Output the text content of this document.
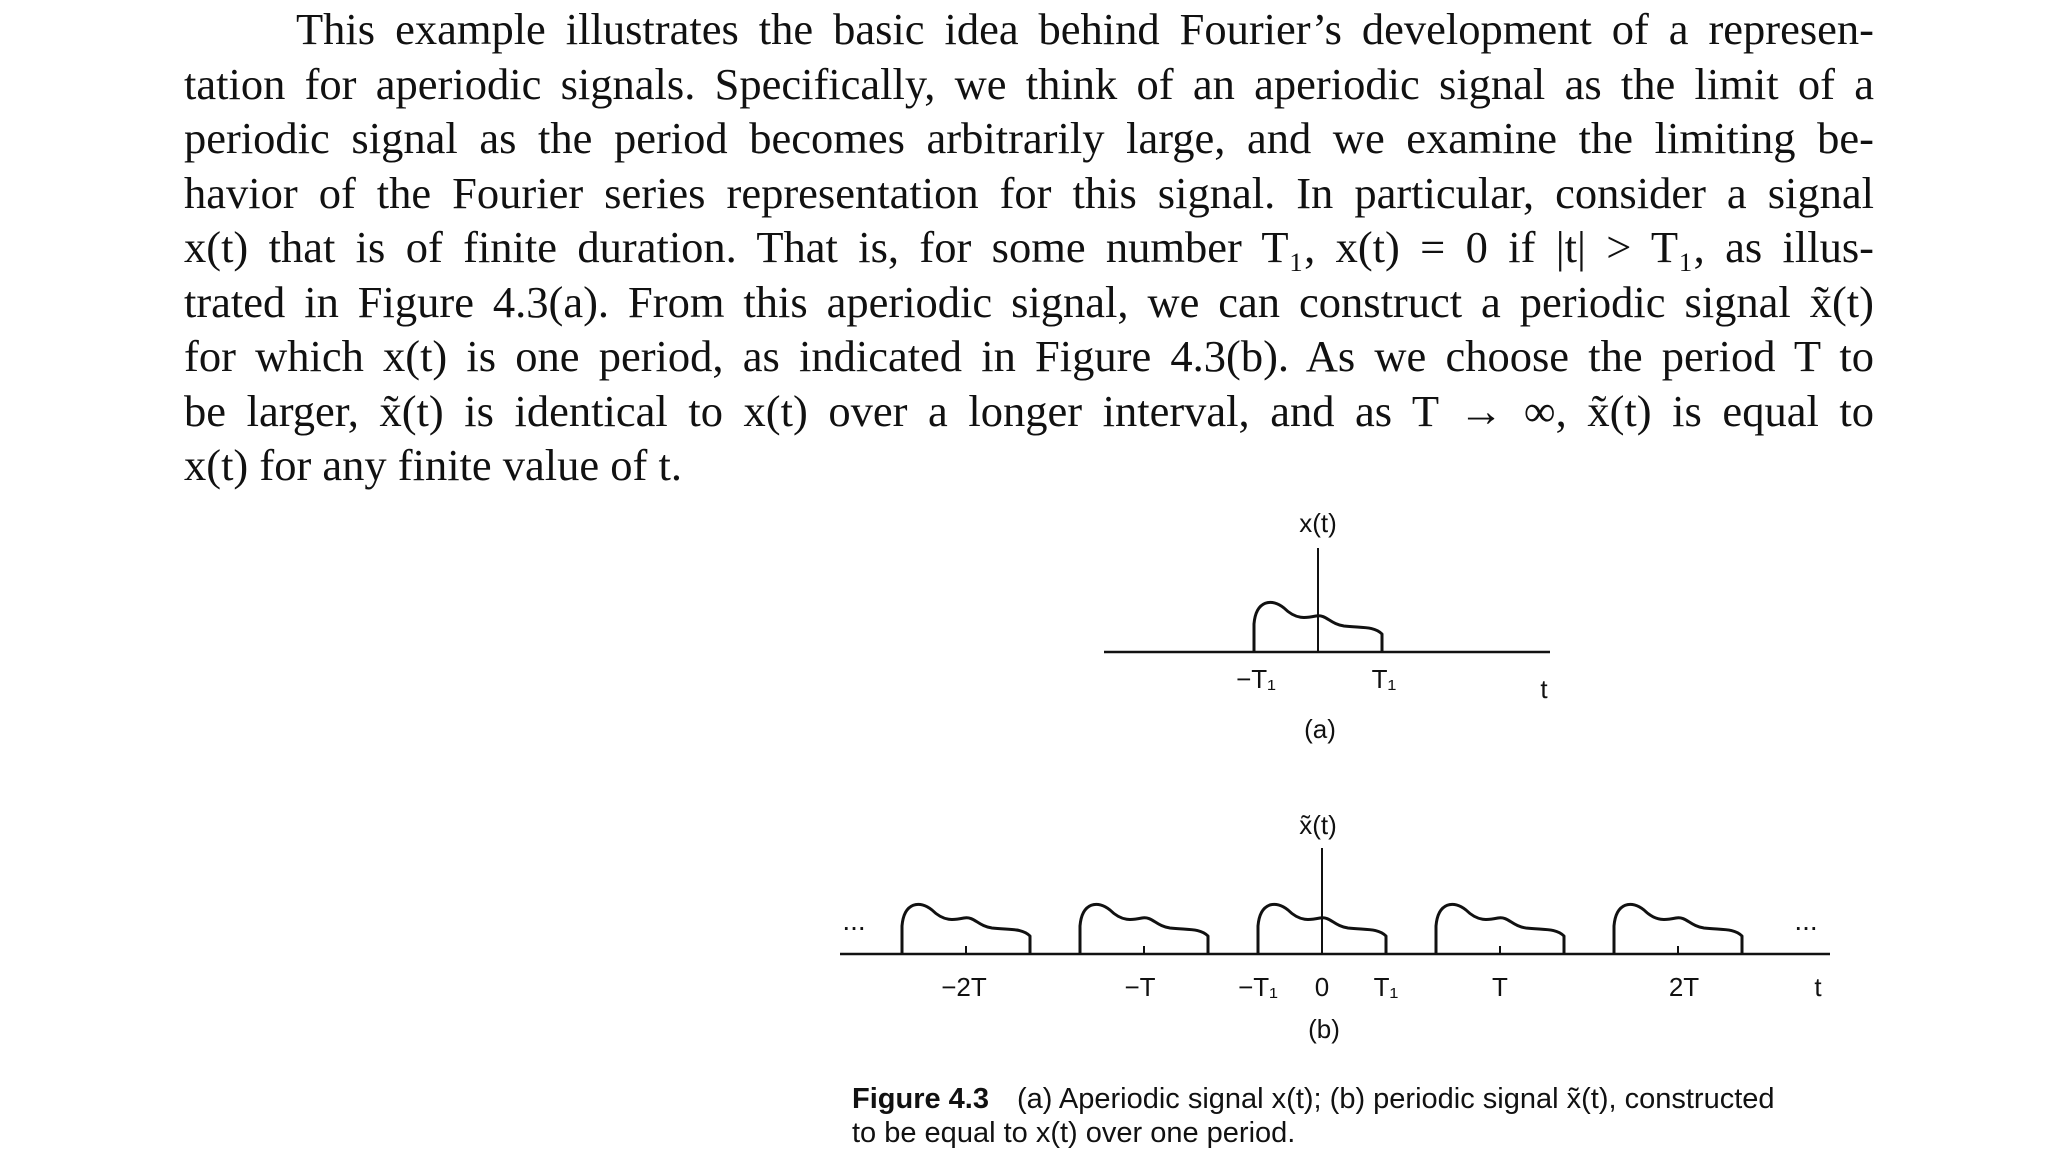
This example illustrates the basic idea behind Fourier’s development of a represen-
tation for aperiodic signals. Specifically, we think of an aperiodic signal as the limit of a
periodic signal as the period becomes arbitrarily large, and we examine the limiting be-
havior of the Fourier series representation for this signal. In particular, consider a signal
x(t) that is of finite duration. That is, for some number T₁, x(t) = 0 if |t| > T₁, as illus-
trated in Figure 4.3(a). From this aperiodic signal, we can construct a periodic signal x̃(t)
for which x(t) is one period, as indicated in Figure 4.3(b). As we choose the period T to
be larger, x̃(t) is identical to x(t) over a longer interval, and as T → ∞, x̃(t) is equal to
x(t) for any finite value of t.
x(t)
−T₁	T₁	t
(a)
x̃(t)
...	...
−2T	−T	−T₁ 0 T₁	T	2T	t
(b)
Figure 4.3 (a) Aperiodic signal x(t); (b) periodic signal x̃(t), constructed
to be equal to x(t) over one period.
